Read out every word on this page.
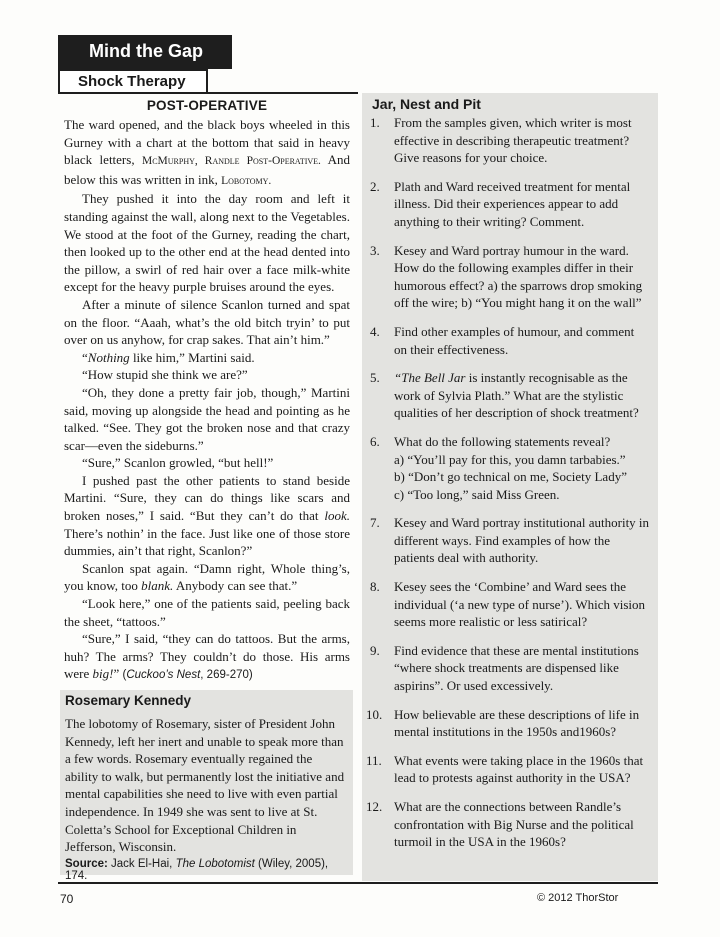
Mind the Gap
Shock Therapy
POST-OPERATIVE

The ward opened, and the black boys wheeled in this Gurney with a chart at the bottom that said in heavy black letters, McMurphy, Randle Post-Operative. And below this was written in ink, Lobotomy.

They pushed it into the day room and left it standing against the wall, along next to the Vegetables. We stood at the foot of the Gurney, reading the chart, then looked up to the other end at the head dented into the pillow, a swirl of red hair over a face milk-white except for the heavy purple bruises around the eyes.

After a minute of silence Scanlon turned and spat on the floor. “Aaah, what’s the old bitch tryin’ to put over on us anyhow, for crap sakes. That ain’t him.”

“Nothing like him,” Martini said.

“How stupid she think we are?”

“Oh, they done a pretty fair job, though,” Martini said, moving up alongside the head and pointing as he talked. “See. They got the broken nose and that crazy scar—even the sideburns.”

“Sure,” Scanlon growled, “but hell!”

I pushed past the other patients to stand beside Martini. “Sure, they can do things like scars and broken noses,” I said. “But they can’t do that look. There’s nothin’ in the face. Just like one of those store dummies, ain’t that right, Scanlon?”

Scanlon spat again. “Damn right, Whole thing’s, you know, too blank. Anybody can see that.”

“Look here,” one of the patients said, peeling back the sheet, “tattoos.”

“Sure,” I said, “they can do tattoos. But the arms, huh? The arms? They couldn’t do those. His arms were big!” (Cuckoo’s Nest, 269-270)

Rosemary Kennedy

The lobotomy of Rosemary, sister of President John Kennedy, left her inert and unable to speak more than a few words. Rosemary eventually regained the ability to walk, but permanently lost the initiative and mental capabilities she need to live with even partial independence. In 1949 she was sent to live at St. Coletta’s School for Exceptional Children in Jefferson, Wisconsin.

Source: Jack El-Hai, The Lobotomist (Wiley, 2005), 174.
Jar, Nest and Pit
1.	From the samples given, which writer is most effective in describing therapeutic treatment? Give reasons for your choice.
2.	Plath and Ward received treatment for mental illness. Did their experiences appear to add anything to their writing? Comment.
3.	Kesey and Ward portray humour in the ward. How do the following examples differ in their humorous effect? a) the sparrows drop smoking off the wire; b) “You might hang it on the wall”
4.	Find other examples of humour, and comment on their effectiveness.
5.	“The Bell Jar is instantly recognisable as the work of Sylvia Plath.” What are the stylistic qualities of her description of shock treatment?
6.	What do the following statements reveal?
a) “You’ll pay for this, you damn tarbabies.”
b) “Don’t go technical on me, Society Lady”
c) “Too long,” said Miss Green.
7.	Kesey and Ward portray institutional authority in different ways. Find examples of how the patients deal with authority.
8.	Kesey sees the ‘Combine’ and Ward sees the individual (‘a new type of nurse’). Which vision seems more realistic or less satirical?
9.	Find evidence that these are mental institutions “where shock treatments are dispensed like aspirins”. Or used excessively.
10. How believable are these descriptions of life in mental institutions in the 1950s and1960s?
11. What events were taking place in the 1960s that lead to protests against authority in the USA?
12. What are the connections between Randle’s confrontation with Big Nurse and the political turmoil in the USA in the 1960s?
70	© 2012 ThorStor
